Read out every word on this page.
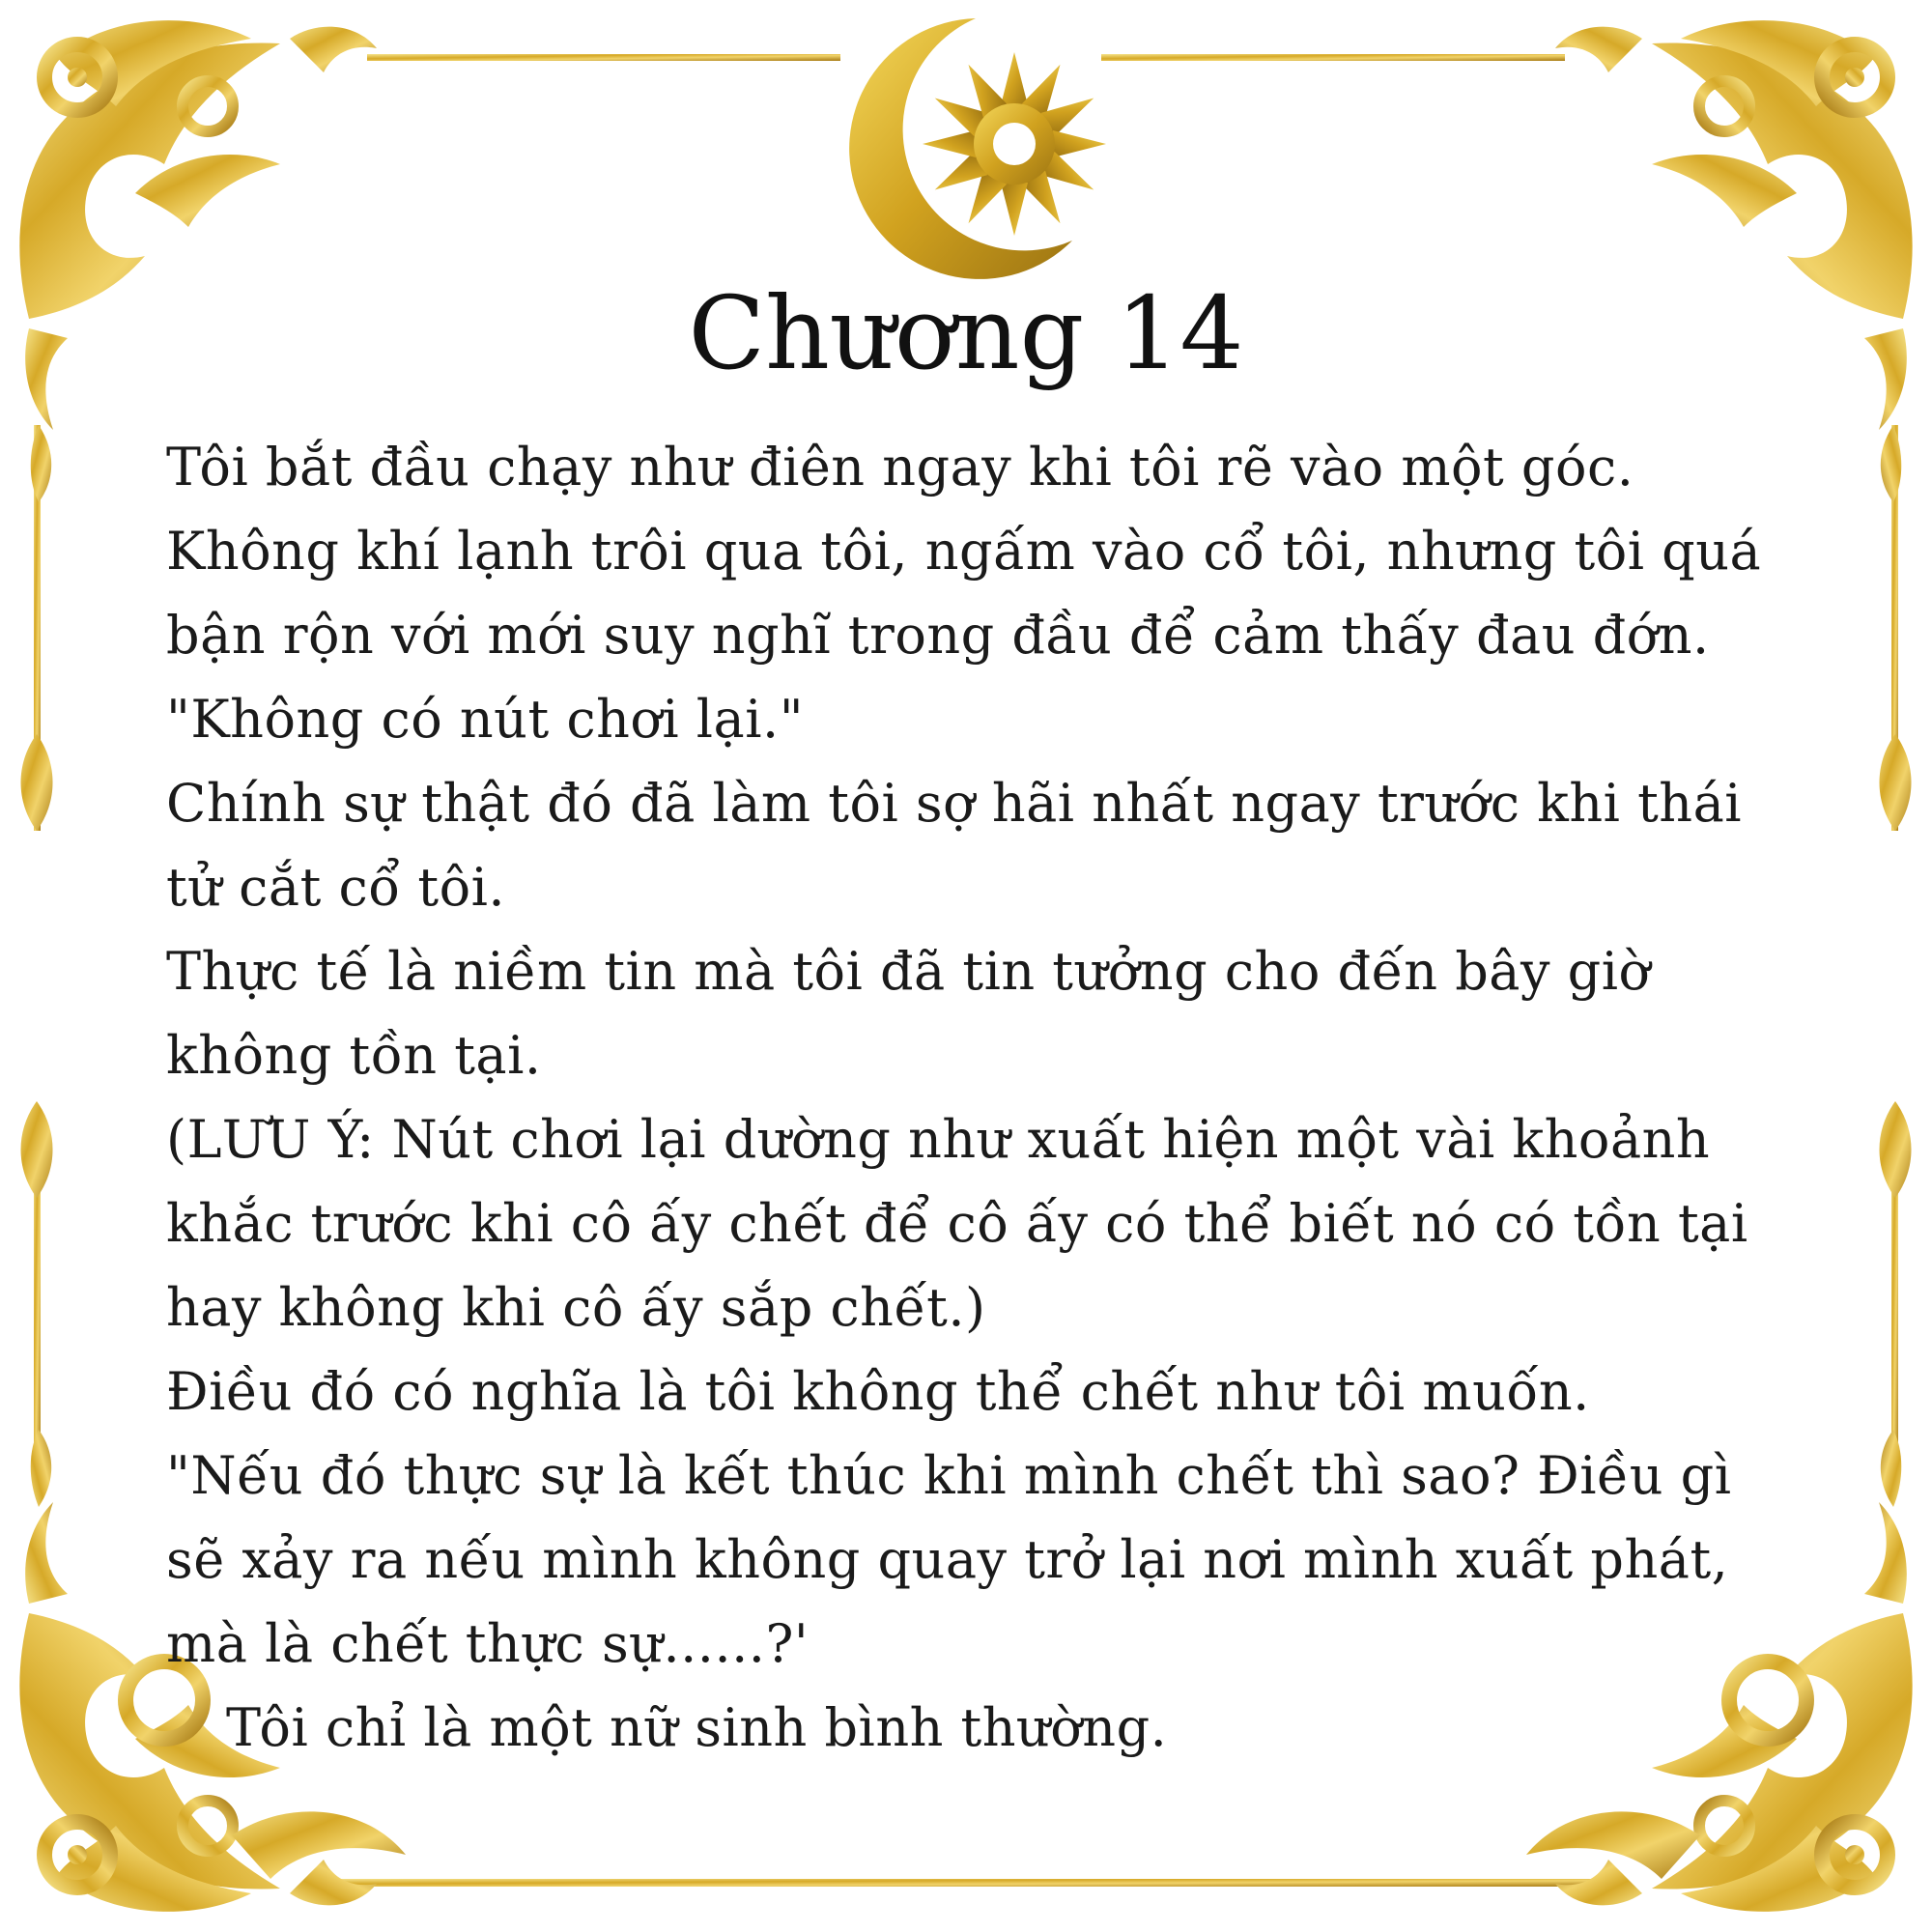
Chương 14
Tôi bắt đầu chạy như điên ngay khi tôi rẽ vào một góc.
Không khí lạnh trôi qua tôi, ngấm vào cổ tôi, nhưng tôi quá
bận rộn với mới suy nghĩ trong đầu để cảm thấy đau đớn.
"Không có nút chơi lại."
Chính sự thật đó đã làm tôi sợ hãi nhất ngay trước khi thái
tử cắt cổ tôi.
Thực tế là niềm tin mà tôi đã tin tưởng cho đến bây giờ
không tồn tại.
(LƯU Ý: Nút chơi lại dường như xuất hiện một vài khoảnh
khắc trước khi cô ấy chết để cô ấy có thể biết nó có tồn tại
hay không khi cô ấy sắp chết.)
Điều đó có nghĩa là tôi không thể chết như tôi muốn.
"Nếu đó thực sự là kết thúc khi mình chết thì sao? Điều gì
sẽ xảy ra nếu mình không quay trở lại nơi mình xuất phát,
mà là chết thực sự......?'
Tôi chỉ là một nữ sinh bình thường.
